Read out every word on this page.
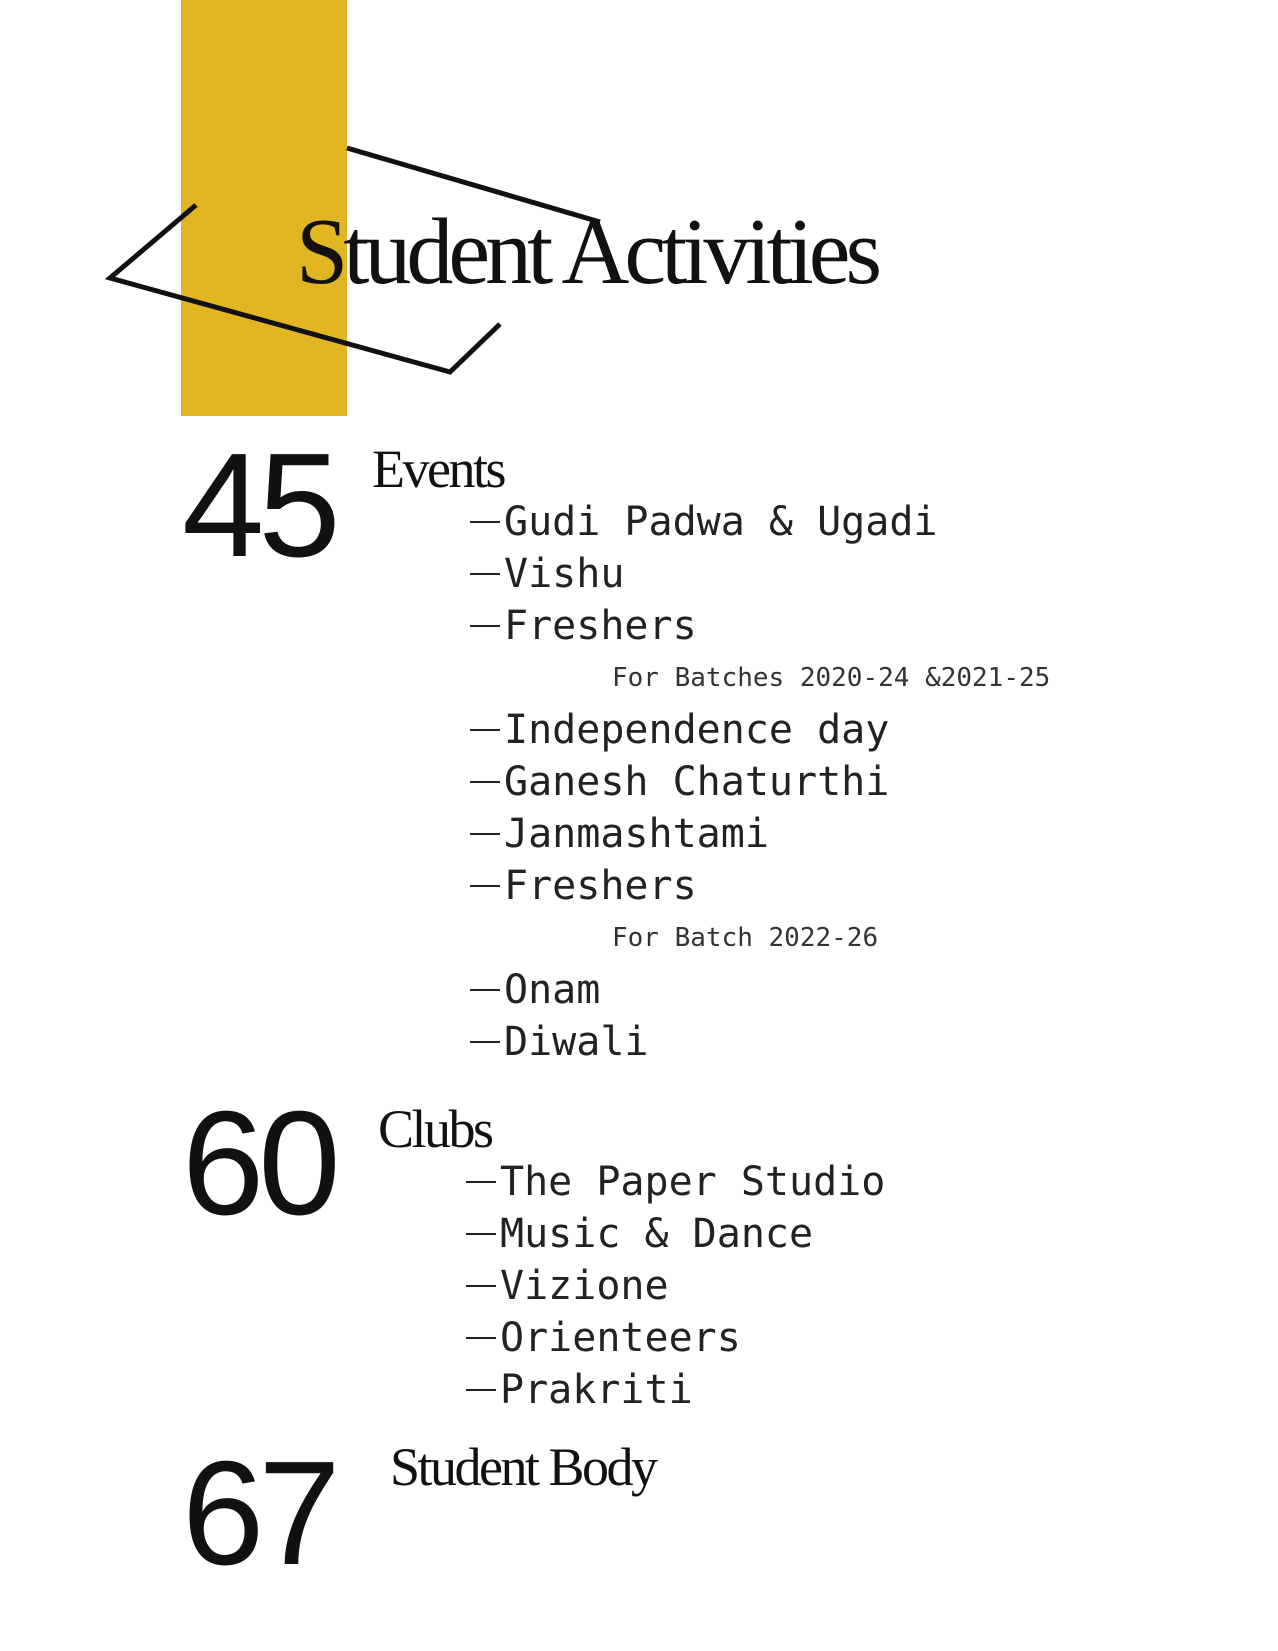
Student Activities
45 Events
Gudi Padwa & Ugadi
Vishu
Freshers
For Batches 2020-24 &2021-25
Independence day
Ganesh Chaturthi
Janmashtami
Freshers
For Batch 2022-26
Onam
Diwali
60 Clubs
The Paper Studio
Music & Dance
Vizione
Orienteers
Prakriti
67 Student Body
